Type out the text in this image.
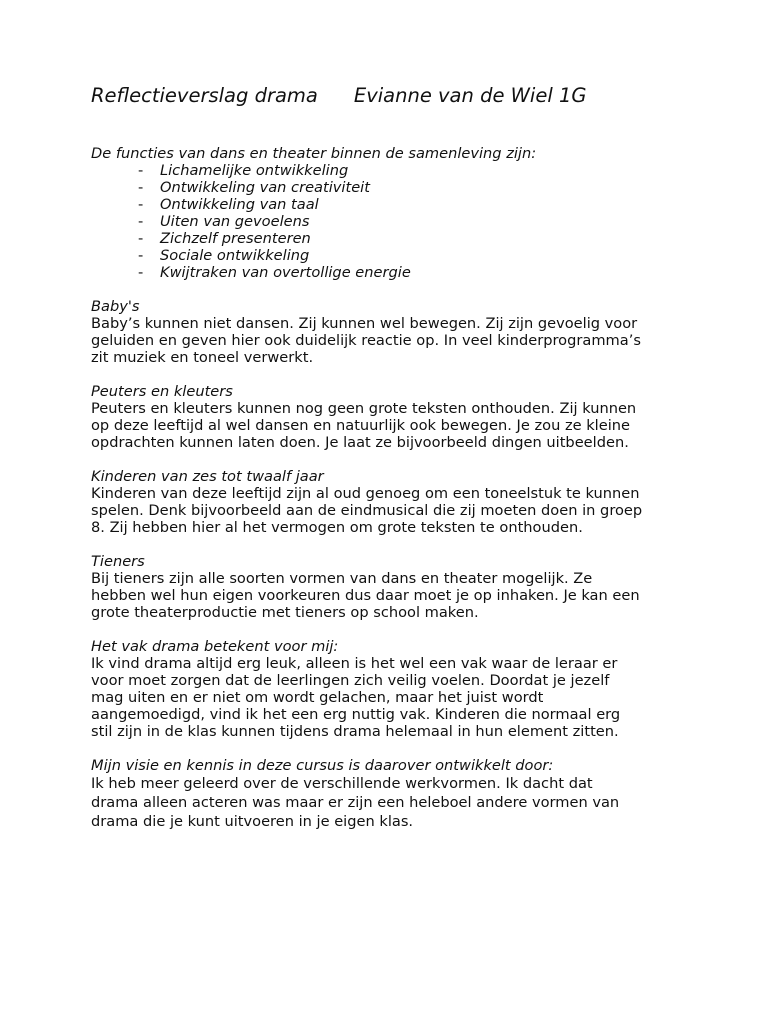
Reflectieverslag drama Evianne van de Wiel 1G
De functies van dans en theater binnen de samenleving zijn:
- Lichamelijke ontwikkeling
- Ontwikkeling van creativiteit
- Ontwikkeling van taal
- Uiten van gevoelens
- Zichzelf presenteren
- Sociale ontwikkeling
- Kwijtraken van overtollige energie
Baby's
Baby’s kunnen niet dansen. Zij kunnen wel bewegen. Zij zijn gevoelig voor
geluiden en geven hier ook duidelijk reactie op. In veel kinderprogramma’s
zit muziek en toneel verwerkt.
Peuters en kleuters
Peuters en kleuters kunnen nog geen grote teksten onthouden. Zij kunnen
op deze leeftijd al wel dansen en natuurlijk ook bewegen. Je zou ze kleine
opdrachten kunnen laten doen. Je laat ze bijvoorbeeld dingen uitbeelden.
Kinderen van zes tot twaalf jaar
Kinderen van deze leeftijd zijn al oud genoeg om een toneelstuk te kunnen
spelen. Denk bijvoorbeeld aan de eindmusical die zij moeten doen in groep
8. Zij hebben hier al het vermogen om grote teksten te onthouden.
Tieners
Bij tieners zijn alle soorten vormen van dans en theater mogelijk. Ze
hebben wel hun eigen voorkeuren dus daar moet je op inhaken. Je kan een
grote theaterproductie met tieners op school maken.
Het vak drama betekent voor mij:
Ik vind drama altijd erg leuk, alleen is het wel een vak waar de leraar er
voor moet zorgen dat de leerlingen zich veilig voelen. Doordat je jezelf
mag uiten en er niet om wordt gelachen, maar het juist wordt
aangemoedigd, vind ik het een erg nuttig vak. Kinderen die normaal erg
stil zijn in de klas kunnen tijdens drama helemaal in hun element zitten.
Mijn visie en kennis in deze cursus is daarover ontwikkelt door:
Ik heb meer geleerd over de verschillende werkvormen. Ik dacht dat
drama alleen acteren was maar er zijn een heleboel andere vormen van
drama die je kunt uitvoeren in je eigen klas.
